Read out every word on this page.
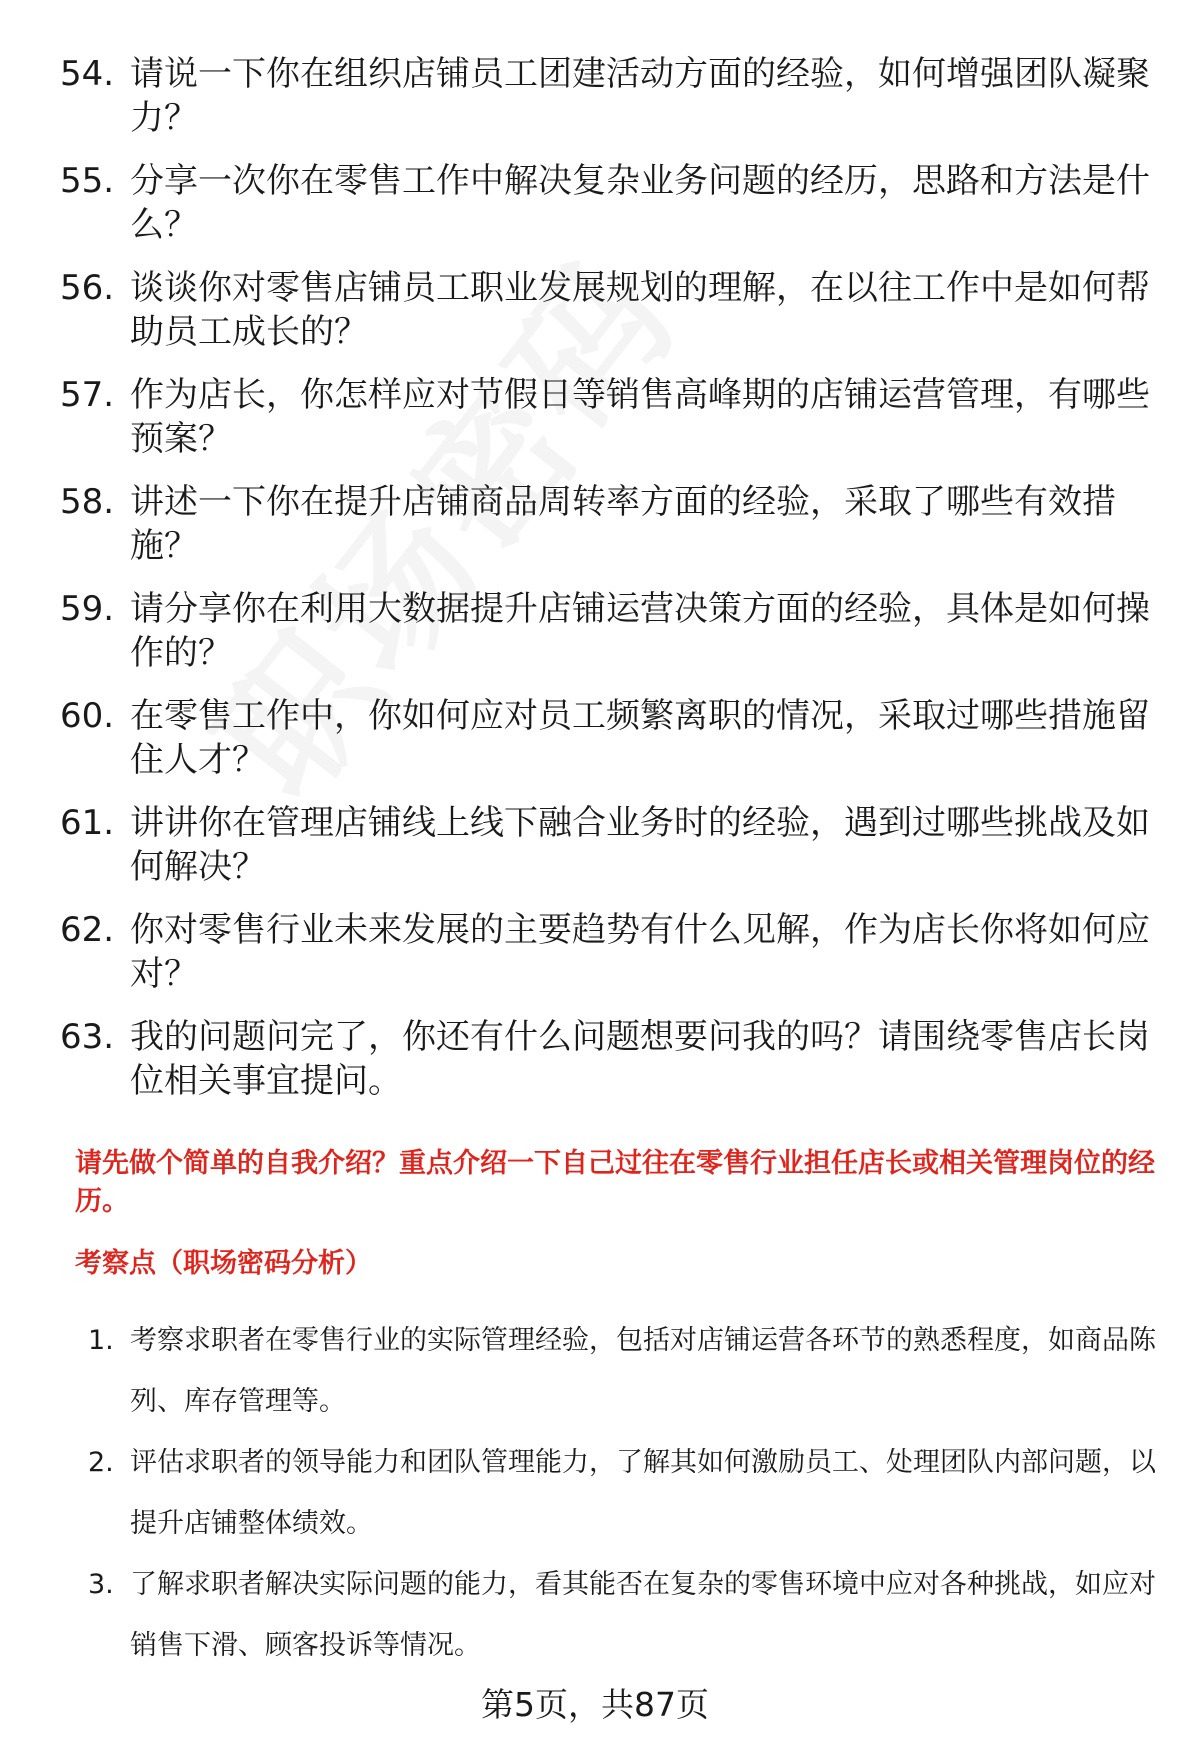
54. 请说一下你在组织店铺员工团建活动方面的经验，如何增强团队凝聚力？
55. 分享一次你在零售工作中解决复杂业务问题的经历，思路和方法是什么？
56. 谈谈你对零售店铺员工职业发展规划的理解，在以往工作中是如何帮助员工成长的？
57. 作为店长，你怎样应对节假日等销售高峰期的店铺运营管理，有哪些预案？
58. 讲述一下你在提升店铺商品周转率方面的经验，采取了哪些有效措施？
59. 请分享你在利用大数据提升店铺运营决策方面的经验，具体是如何操作的？
60. 在零售工作中，你如何应对员工频繁离职的情况，采取过哪些措施留住人才？
61. 讲讲你在管理店铺线上线下融合业务时的经验，遇到过哪些挑战及如何解决？
62. 你对零售行业未来发展的主要趋势有什么见解，作为店长你将如何应对？
63. 我的问题问完了，你还有什么问题想要问我的吗？请围绕零售店长岗位相关事宜提问。
请先做个简单的自我介绍？重点介绍一下自己过往在零售行业担任店长或相关管理岗位的经历。
考察点（职场密码分析）
1. 考察求职者在零售行业的实际管理经验，包括对店铺运营各环节的熟悉程度，如商品陈列、库存管理等。
2. 评估求职者的领导能力和团队管理能力，了解其如何激励员工、处理团队内部问题，以提升店铺整体绩效。
3. 了解求职者解决实际问题的能力，看其能否在复杂的零售环境中应对各种挑战，如应对销售下滑、顾客投诉等情况。
第5页，共87页
